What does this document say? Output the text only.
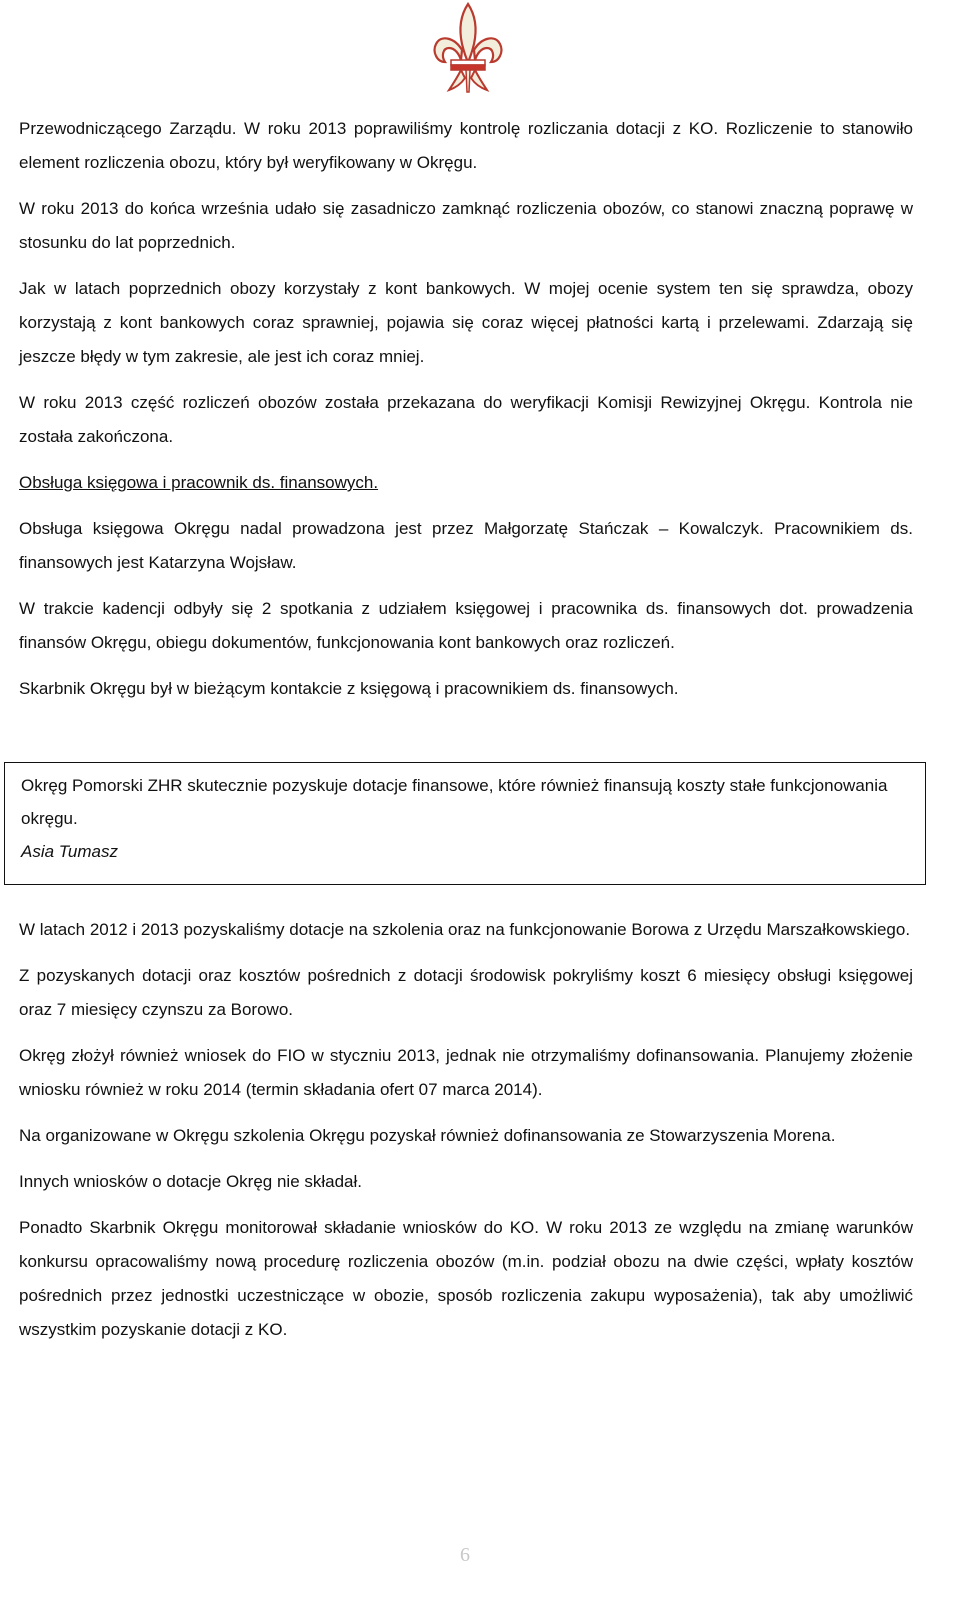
Przewodniczącego Zarządu. W roku 2013 poprawiliśmy kontrolę rozliczania dotacji z KO. Rozliczenie to stanowiło element rozliczenia obozu, który był weryfikowany w Okręgu.

W roku 2013 do końca września udało się zasadniczo zamknąć rozliczenia obozów, co stanowi znaczną poprawę w stosunku do lat poprzednich.

Jak w latach poprzednich obozy korzystały z kont bankowych. W mojej ocenie system ten się sprawdza, obozy korzystają z kont bankowych coraz sprawniej, pojawia się coraz więcej płatności kartą i przelewami. Zdarzają się jeszcze błędy w tym zakresie, ale jest ich coraz mniej.

W roku 2013 część rozliczeń obozów została przekazana do weryfikacji Komisji Rewizyjnej Okręgu. Kontrola nie została zakończona.

Obsługa księgowa i pracownik ds. finansowych.

Obsługa księgowa Okręgu nadal prowadzona jest przez Małgorzatę Stańczak – Kowalczyk. Pracownikiem ds. finansowych jest Katarzyna Wojsław.

W trakcie kadencji odbyły się 2 spotkania z udziałem księgowej i pracownika ds. finansowych dot. prowadzenia finansów Okręgu, obiegu dokumentów, funkcjonowania kont bankowych oraz rozliczeń.

Skarbnik Okręgu był w bieżącym kontakcie z księgową i pracownikiem ds. finansowych.

Okręg Pomorski ZHR skutecznie pozyskuje dotacje finansowe, które również finansują koszty stałe funkcjonowania okręgu.

Asia Tumasz

W latach 2012 i 2013 pozyskaliśmy dotacje na szkolenia oraz na funkcjonowanie Borowa z Urzędu Marszałkowskiego.

Z pozyskanych dotacji oraz kosztów pośrednich z dotacji środowisk pokryliśmy koszt 6 miesięcy obsługi księgowej oraz 7 miesięcy czynszu za Borowo.

Okręg złożył również wniosek do FIO w styczniu 2013, jednak nie otrzymaliśmy dofinansowania. Planujemy złożenie wniosku również w roku 2014 (termin składania ofert 07 marca 2014).

Na organizowane w Okręgu szkolenia Okręgu pozyskał również dofinansowania ze Stowarzyszenia Morena.

Innych wniosków o dotacje Okręg nie składał.

Ponadto Skarbnik Okręgu monitorował składanie wniosków do KO. W roku 2013 ze względu na zmianę warunków konkursu opracowaliśmy nową procedurę rozliczenia obozów (m.in. podział obozu na dwie części, wpłaty kosztów pośrednich przez jednostki uczestniczące w obozie, sposób rozliczenia zakupu wyposażenia), tak aby umożliwić wszystkim pozyskanie dotacji z KO.

6
